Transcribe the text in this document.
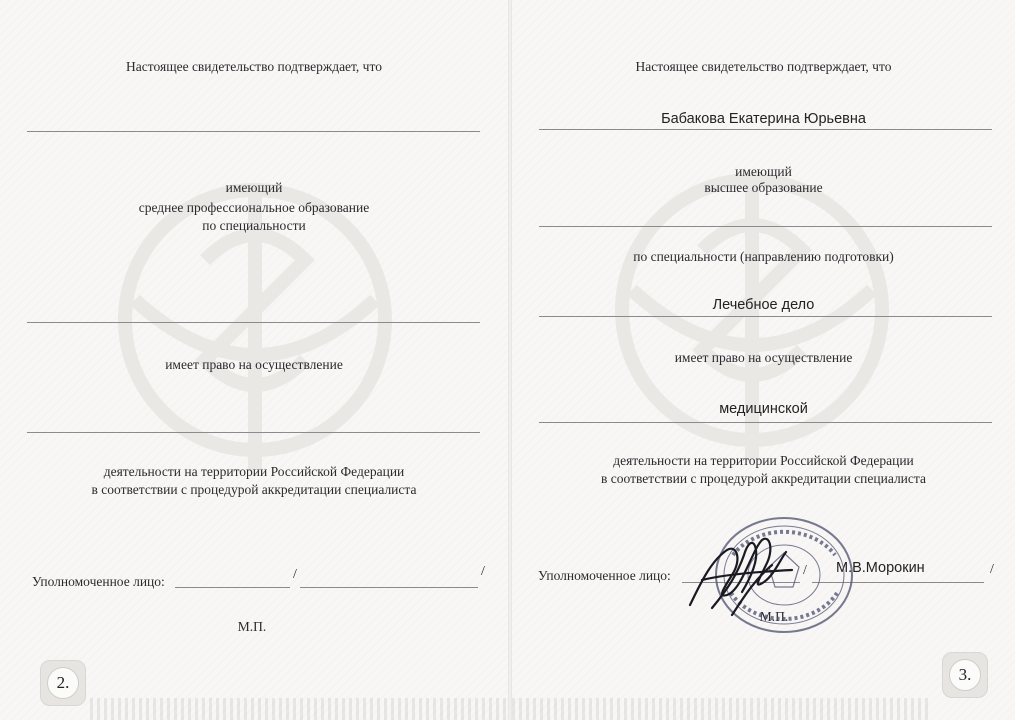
Настоящее свидетельство подтверждает, что
имеющий
среднее профессиональное образование
по специальности
имеет право на осуществление
деятельности на территории Российской Федерации
в соответствии с процедурой аккредитации специалиста
Уполномоченное лицо:	/	/
М.П.
2.
Настоящее свидетельство подтверждает, что
Бабакова Екатерина Юрьевна
имеющий
высшее образование
по специальности (направлению подготовки)
Лечебное дело
имеет право на осуществление
медицинской
деятельности на территории Российской Федерации
в соответствии с процедурой аккредитации специалиста
Уполномоченное лицо:	/ М.В.Морокин	/
М.П.
3.
